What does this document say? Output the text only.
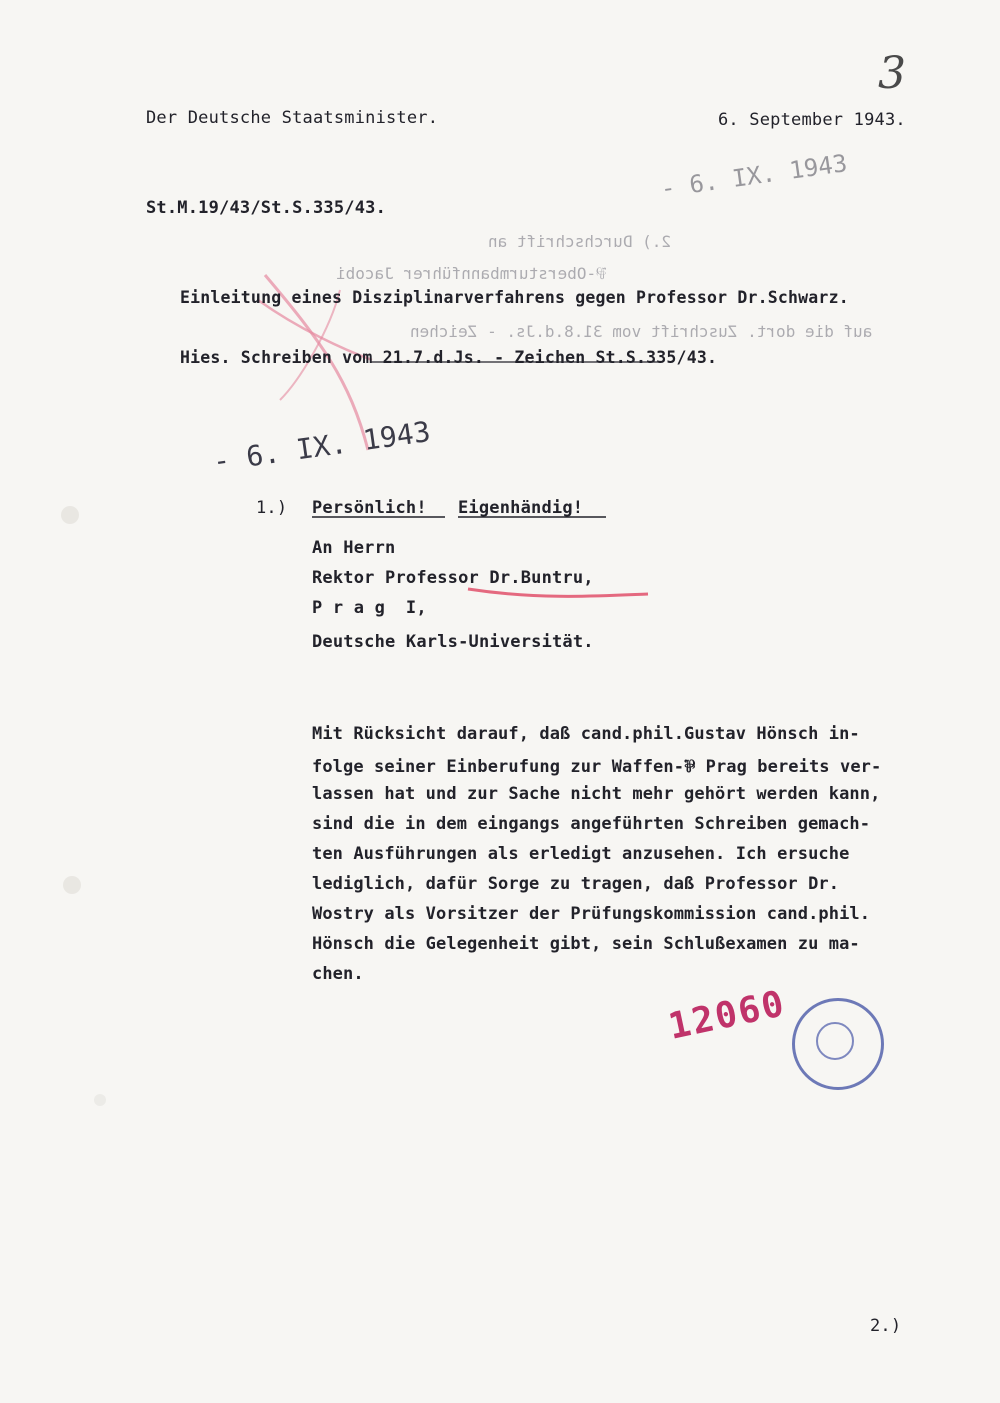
Der Deutsche Staatsminister.	6. September 1943.
St.M.19/43/St.S.335/43.
3
- 6. IX. 1943
2.) Durchschrift an
⅌-Obersturmbannführer Jacobi
auf die dort. Zuschrift vom 31.8.d.Js. - Zeichen
Einleitung eines Disziplinarverfahrens gegen Professor Dr.Schwarz.
Hies. Schreiben vom 21.7.d.Js. - Zeichen St.S.335/43.
- 6. IX. 1943
1.) Persönlich! Eigenhändig!
An Herrn
Rektor Professor Dr.Buntru,
P r a g  I,
Deutsche Karls-Universität.
Mit Rücksicht darauf, daß cand.phil.Gustav Hönsch in-
folge seiner Einberufung zur Waffen-⅌ Prag bereits ver-
lassen hat und zur Sache nicht mehr gehört werden kann,
sind die in dem eingangs angeführten Schreiben gemach-
ten Ausführungen als erledigt anzusehen. Ich ersuche
lediglich, dafür Sorge zu tragen, daß Professor Dr.
Wostry als Vorsitzer der Prüfungskommission cand.phil.
Hönsch die Gelegenheit gibt, sein Schlußexamen zu ma-
chen.
12060
2.)
